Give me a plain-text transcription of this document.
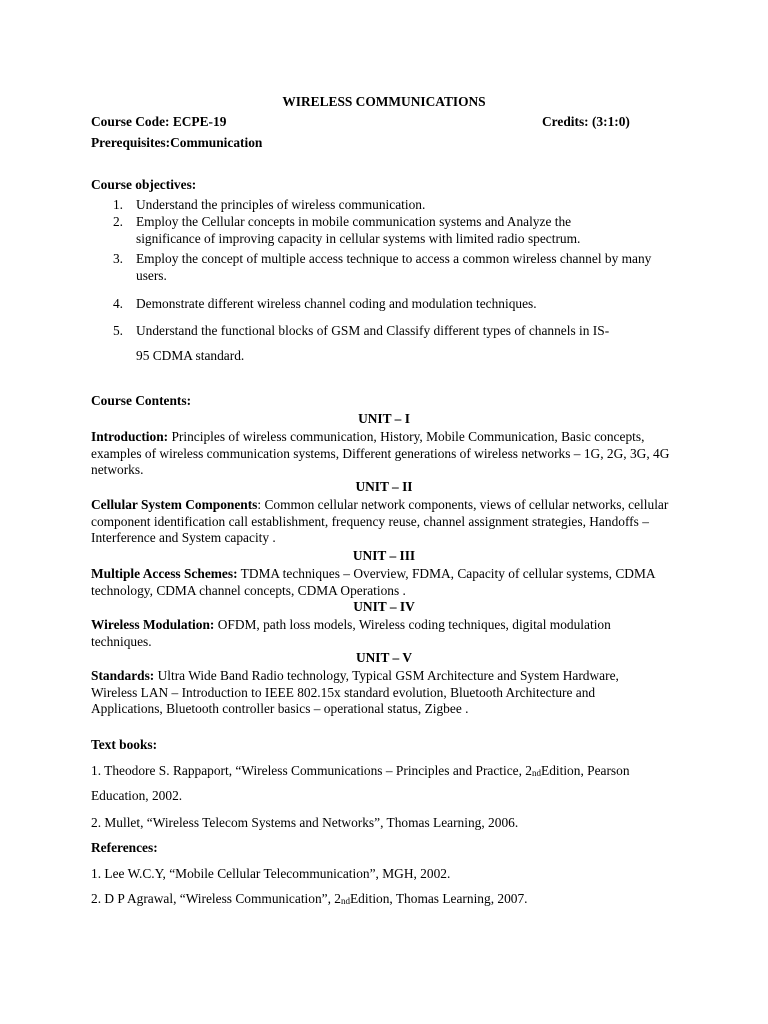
WIRELESS COMMUNICATIONS
Course Code: ECPE-19	Credits: (3:1:0)
Prerequisites:Communication
Course objectives:
1. Understand the principles of wireless communication.
2. Employ the Cellular concepts in mobile communication systems and Analyze the significance of improving capacity in cellular systems with limited radio spectrum.
3. Employ the concept of multiple access technique to access a common wireless channel by many users.
4. Demonstrate different wireless channel coding and modulation techniques.
5. Understand the functional blocks of GSM and Classify different types of channels in IS-
95 CDMA standard.
Course Contents:
UNIT – I
Introduction: Principles of wireless communication, History, Mobile Communication, Basic concepts, examples of wireless communication systems, Different generations of wireless networks – 1G, 2G, 3G, 4G networks.
UNIT – II
Cellular System Components: Common cellular network components, views of cellular networks, cellular component identification call establishment, frequency reuse, channel assignment strategies, Handoffs – Interference and System capacity .
UNIT – III
Multiple Access Schemes: TDMA techniques – Overview, FDMA, Capacity of cellular systems, CDMA technology, CDMA channel concepts, CDMA Operations .
UNIT – IV
Wireless Modulation: OFDM, path loss models, Wireless coding techniques, digital modulation techniques.
UNIT – V
Standards: Ultra Wide Band Radio technology, Typical GSM Architecture and System Hardware, Wireless LAN – Introduction to IEEE 802.15x standard evolution, Bluetooth Architecture and Applications, Bluetooth controller basics – operational status, Zigbee .
Text books:
1. Theodore S. Rappaport, “Wireless Communications – Principles and Practice, $2_{nd}Edition$, Pearson
Education, 2002.
2. Mullet, “Wireless Telecom Systems and Networks”, Thomas Learning, 2006.
References:
1. Lee W.C.Y, “Mobile Cellular Telecommunication”, MGH, 2002.
2. D P Agrawal, “Wireless Communication”, $2_{nd}Edition$, Thomas Learning, 2007.
